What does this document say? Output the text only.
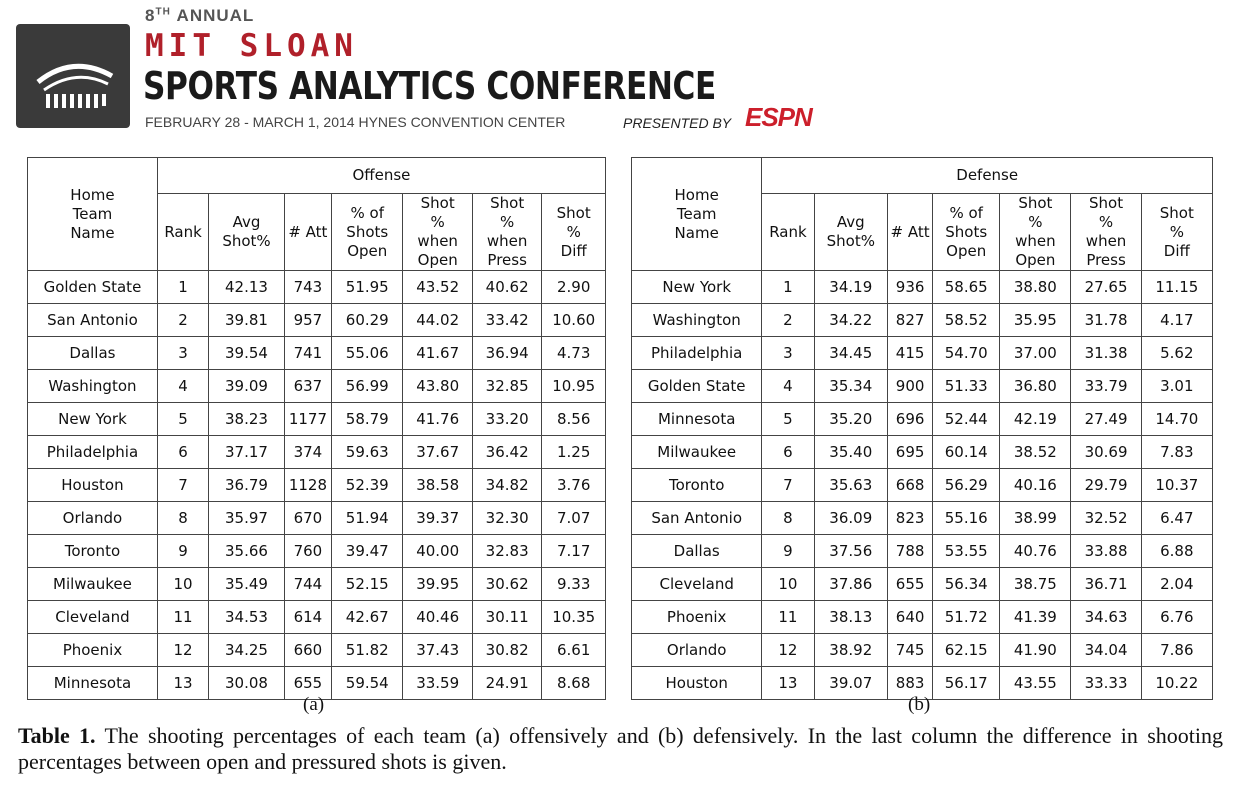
8TH ANNUAL
MIT SLOAN
SPORTS ANALYTICS CONFERENCE
FEBRUARY 28 - MARCH 1, 2014 HYNES CONVENTION CENTER	PRESENTED BY ESPN
Home Team Name	Offense						
	Rank	Avg Shot%	# Att	% of Shots Open	Shot % when Open	Shot % when Press	Shot % Diff
Golden State	1	42.13	743	51.95	43.52	40.62	2.90
San Antonio	2	39.81	957	60.29	44.02	33.42	10.60
Dallas	3	39.54	741	55.06	41.67	36.94	4.73
Washington	4	39.09	637	56.99	43.80	32.85	10.95
New York	5	38.23	1177	58.79	41.76	33.20	8.56
Philadelphia	6	37.17	374	59.63	37.67	36.42	1.25
Houston	7	36.79	1128	52.39	38.58	34.82	3.76
Orlando	8	35.97	670	51.94	39.37	32.30	7.07
Toronto	9	35.66	760	39.47	40.00	32.83	7.17
Milwaukee	10	35.49	744	52.15	39.95	30.62	9.33
Cleveland	11	34.53	614	42.67	40.46	30.11	10.35
Phoenix	12	34.25	660	51.82	37.43	30.82	6.61
Minnesota	13	30.08	655	59.54	33.59	24.91	8.68
(a)
Home Team Name	Defense						
	Rank	Avg Shot%	# Att	% of Shots Open	Shot % when Open	Shot % when Press	Shot % Diff
New York	1	34.19	936	58.65	38.80	27.65	11.15
Washington	2	34.22	827	58.52	35.95	31.78	4.17
Philadelphia	3	34.45	415	54.70	37.00	31.38	5.62
Golden State	4	35.34	900	51.33	36.80	33.79	3.01
Minnesota	5	35.20	696	52.44	42.19	27.49	14.70
Milwaukee	6	35.40	695	60.14	38.52	30.69	7.83
Toronto	7	35.63	668	56.29	40.16	29.79	10.37
San Antonio	8	36.09	823	55.16	38.99	32.52	6.47
Dallas	9	37.56	788	53.55	40.76	33.88	6.88
Cleveland	10	37.86	655	56.34	38.75	36.71	2.04
Phoenix	11	38.13	640	51.72	41.39	34.63	6.76
Orlando	12	38.92	745	62.15	41.90	34.04	7.86
Houston	13	39.07	883	56.17	43.55	33.33	10.22
(b)
Table 1. The shooting percentages of each team (a) offensively and (b) defensively. In the last column the difference in shooting percentages between open and pressured shots is given.
